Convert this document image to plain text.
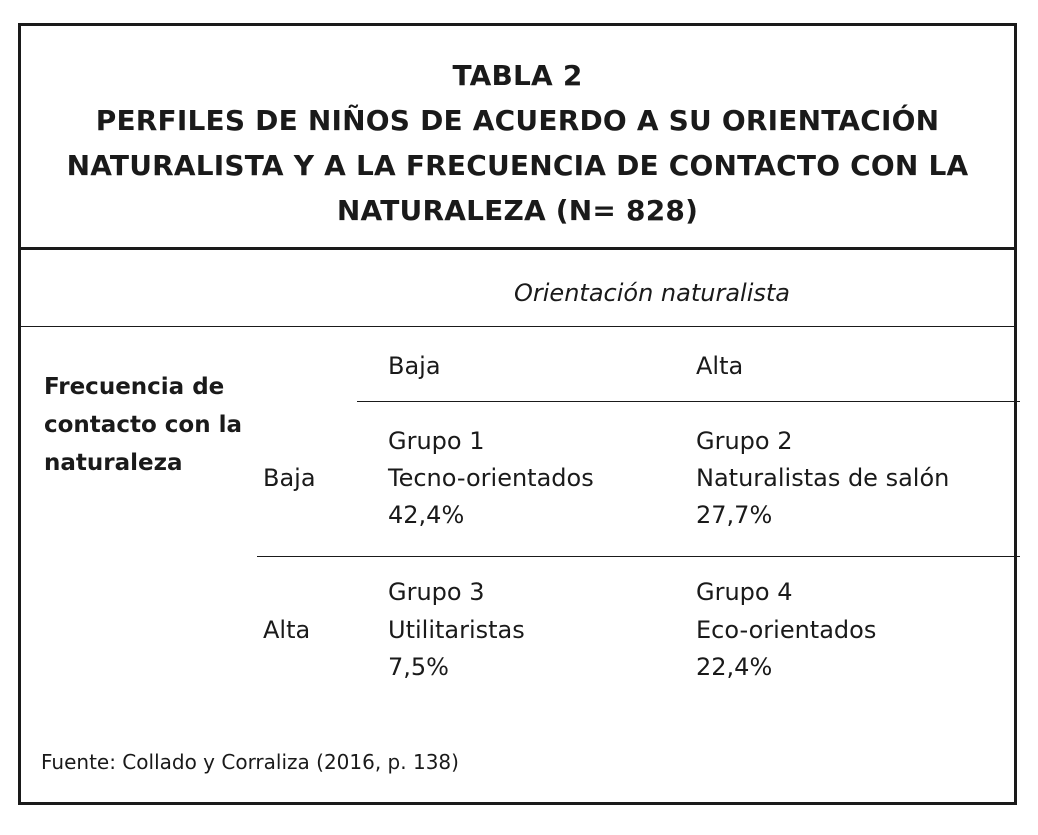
TABLA 2
PERFILES DE NIÑOS DE ACUERDO A SU ORIENTACIÓN
NATURALISTA Y A LA FRECUENCIA DE CONTACTO CON LA
NATURALEZA (N= 828)
Orientación naturalista
Frecuencia de
contacto con la
naturaleza
Baja	Alta
Baja
Grupo 1
Tecno-orientados
42,4%
Grupo 2
Naturalistas de salón
27,7%
Alta
Grupo 3
Utilitaristas
7,5%
Grupo 4
Eco-orientados
22,4%
Fuente: Collado y Corraliza (2016, p. 138)
